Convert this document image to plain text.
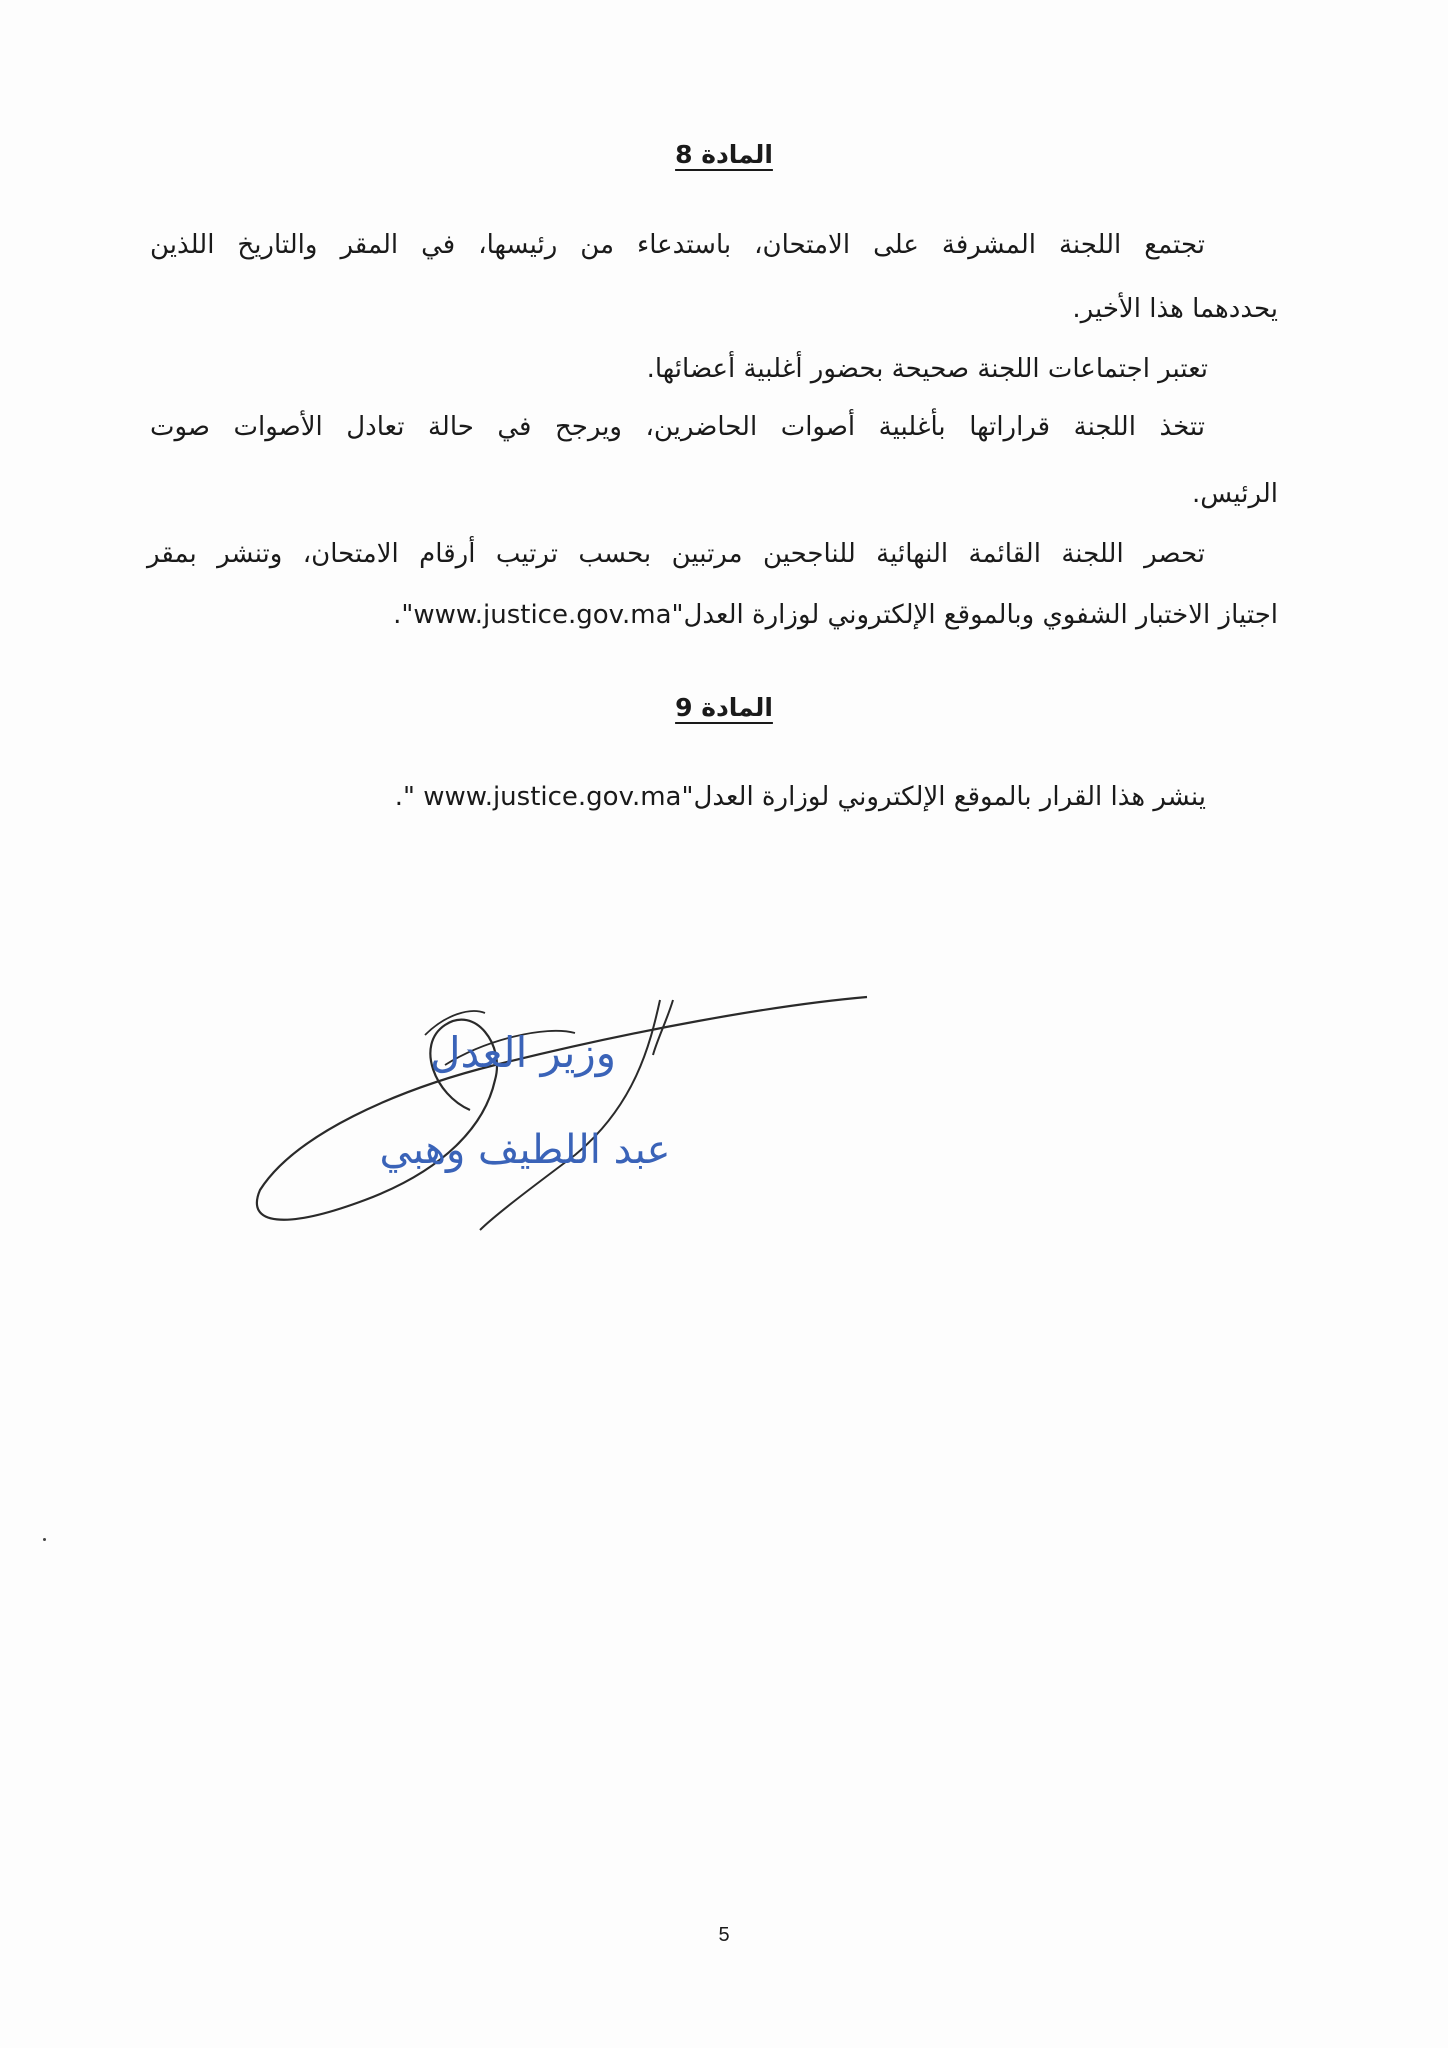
المادة 8
تجتمع اللجنة المشرفة على الامتحان، باستدعاء من رئيسها، في المقر والتاريخ اللذين
يحددهما هذا الأخير.
تعتبر اجتماعات اللجنة صحيحة بحضور أغلبية أعضائها.
تتخذ اللجنة قراراتها بأغلبية أصوات الحاضرين، ويرجح في حالة تعادل الأصوات صوت
الرئيس.
تحصر اللجنة القائمة النهائية للناجحين مرتبين بحسب ترتيب أرقام الامتحان، وتنشر بمقر
اجتياز الاختبار الشفوي وبالموقع الإلكتروني لوزارة العدل"www.justice.gov.ma".
المادة 9
ينشر هذا القرار بالموقع الإلكتروني لوزارة العدل"www.justice.gov.ma ".
وزير العدل
عبد اللطيف وهبي
5
